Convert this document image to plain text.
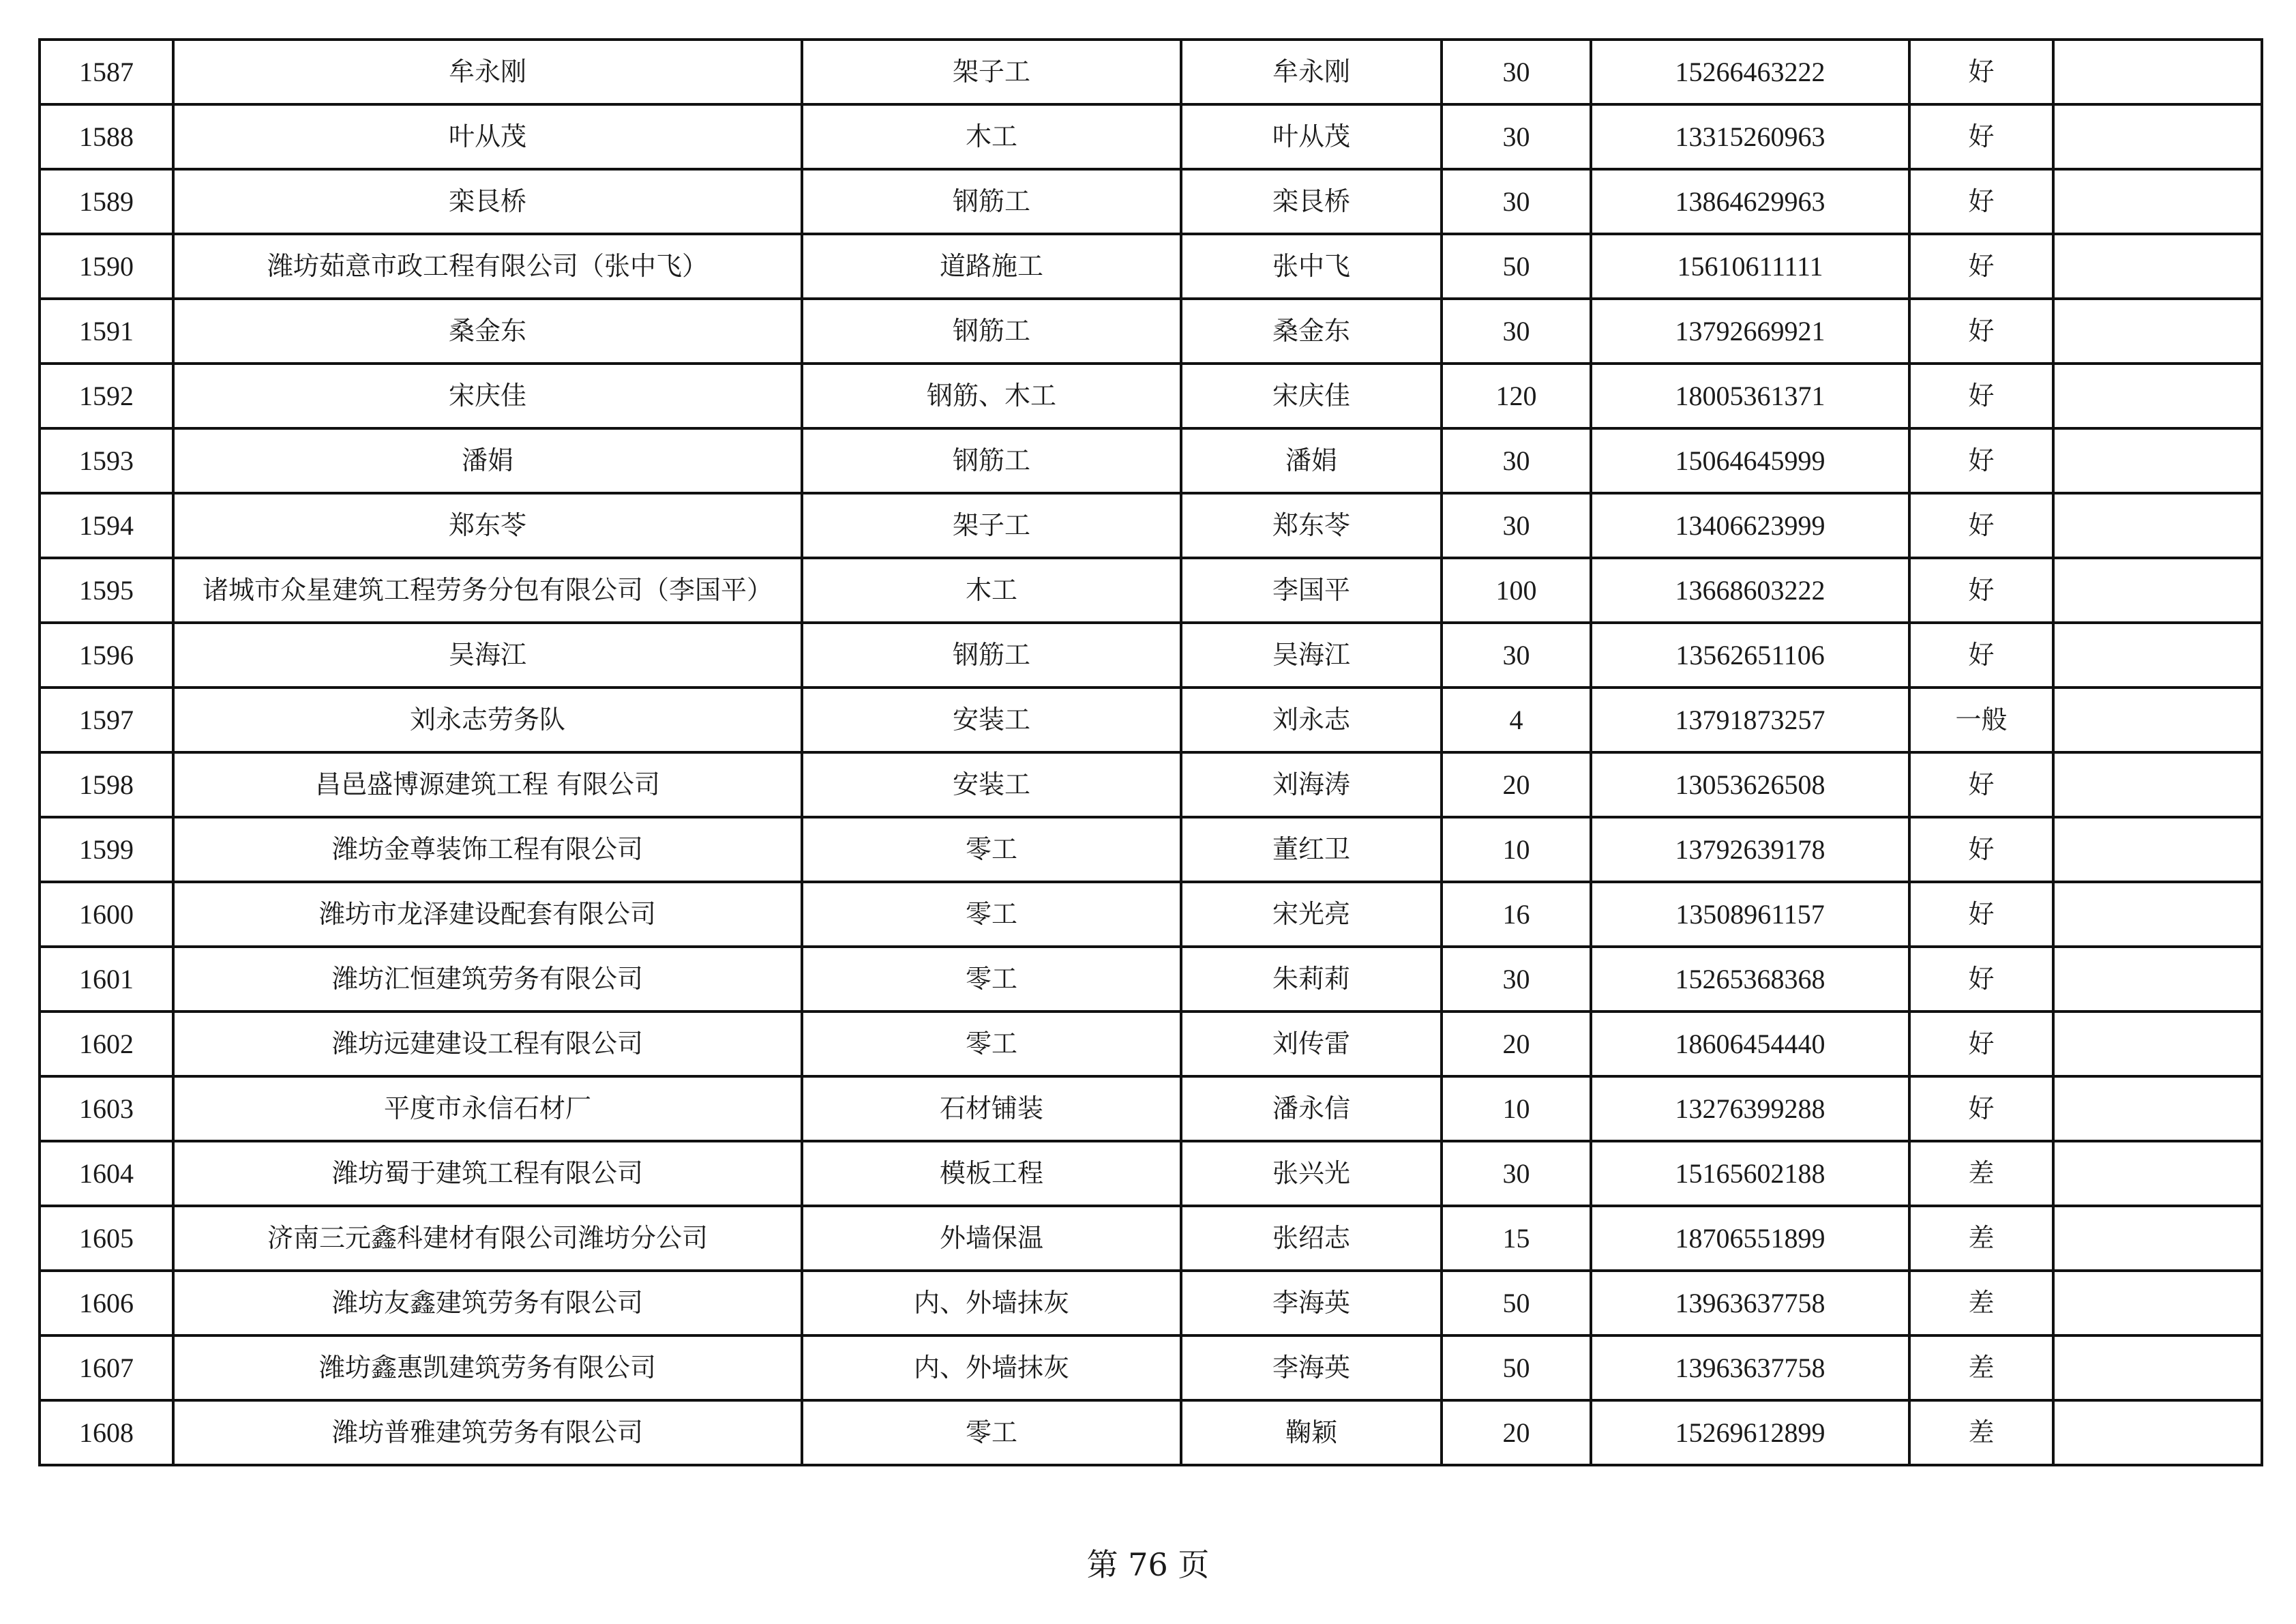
1587	牟永刚	架子工	牟永刚	30	15266463222	好	
1588	叶从茂	木工	叶从茂	30	13315260963	好	
1589	栾艮桥	钢筋工	栾艮桥	30	13864629963	好	
1590	潍坊茹意市政工程有限公司（张中飞）	道路施工	张中飞	50	15610611111	好	
1591	桑金东	钢筋工	桑金东	30	13792669921	好	
1592	宋庆佳	钢筋、木工	宋庆佳	120	18005361371	好	
1593	潘娟	钢筋工	潘娟	30	15064645999	好	
1594	郑东苓	架子工	郑东苓	30	13406623999	好	
1595	诸城市众星建筑工程劳务分包有限公司（李国平）	木工	李国平	100	13668603222	好	
1596	吴海江	钢筋工	吴海江	30	13562651106	好	
1597	刘永志劳务队	安装工	刘永志	4	13791873257	一般	
1598	昌邑盛博源建筑工程 有限公司	安装工	刘海涛	20	13053626508	好	
1599	潍坊金尊装饰工程有限公司	零工	董红卫	10	13792639178	好	
1600	潍坊市龙泽建设配套有限公司	零工	宋光亮	16	13508961157	好	
1601	潍坊汇恒建筑劳务有限公司	零工	朱莉莉	30	15265368368	好	
1602	潍坊远建建设工程有限公司	零工	刘传雷	20	18606454440	好	
1603	平度市永信石材厂	石材铺装	潘永信	10	13276399288	好	
1604	潍坊蜀于建筑工程有限公司	模板工程	张兴光	30	15165602188	差	
1605	济南三元鑫科建材有限公司潍坊分公司	外墙保温	张绍志	15	18706551899	差	
1606	潍坊友鑫建筑劳务有限公司	内、外墙抹灰	李海英	50	13963637758	差	
1607	潍坊鑫惠凯建筑劳务有限公司	内、外墙抹灰	李海英	50	13963637758	差	
1608	潍坊普雅建筑劳务有限公司	零工	鞠颖	20	15269612899	差	
第 76 页
